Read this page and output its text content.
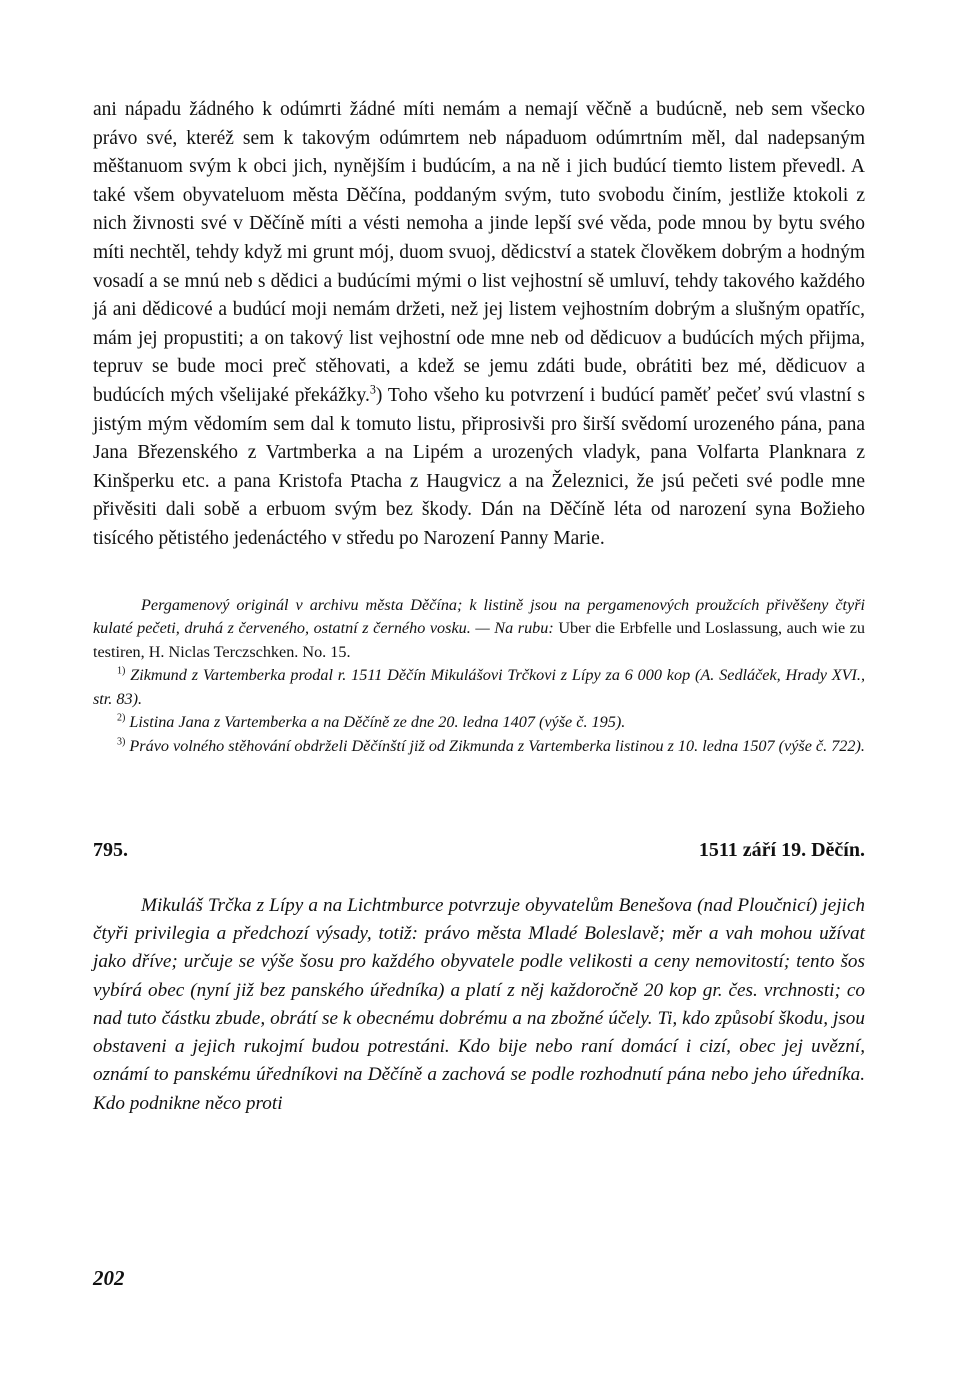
ani nápadu žádného k odúmrti žádné míti nemám a nemají věčně a budúcně, neb sem všecko právo své, kteréž sem k takovým odúmrtem neb nápaduom odúmrtním měl, dal nadepsaným měštanuom svým k obci jich, nynějším i budúcím, a na ně i jich budúcí tiemto listem převedl. A také všem obyvateluom města Děčína, poddaným svým, tuto svobodu činím, jestliže ktokoli z nich živnosti své v Děčíně míti a vésti nemoha a jinde lepší své věda, pode mnou by bytu svého míti nechtěl, tehdy když mi grunt mój, duom svuoj, dědicství a statek člověkem dobrým a hodným vosadí a se mnú neb s dědici a budúcími mými o list vejhostní sě umluví, tehdy takového každého já ani dědicové a budúcí moji nemám držeti, než jej listem vejhostním dobrým a slušným opatříc, mám jej propustiti; a on takový list vejhostní ode mne neb od dědicuov a budúcích mých přijma, tepruv se bude moci preč stěhovati, a kdež se jemu zdáti bude, obrátiti bez mé, dědicuov a budúcích mých všelijaké překážky.$^3$) Toho všeho ku potvrzení i budúcí paměť pečeť svú vlastní s jistým mým vědomím sem dal k tomuto listu, připrosivši pro širší svědomí urozeného pána, pana Jana Březenského z Vartmberka a na Lipém a urozených vladyk, pana Volfarta Planknara z Kinšperku etc. a pana Kristofa Ptacha z Haugvicz a na Železnici, že jsú pečeti své podle mne přivěsiti dali sobě a erbuom svým bez škody. Dán na Děčíně léta od narození syna Božieho tisícého pětistého jedenáctého v středu po Narození Panny Marie.

Pergamenový originál v archivu města Děčína; k listině jsou na pergamenových proužcích přivěšeny čtyři kulaté pečeti, druhá z červeného, ostatní z černého vosku. — Na rubu: Uber die Erbfelle und Loslassung, auch wie zu testiren, H. Niclas Terczschken. No. 15.

$^{1)}$ Zikmund z Vartemberka prodal r. 1511 Děčín Mikulášovi Trčkovi z Lípy za 6 000 kop (A. Sedláček, Hrady XVI., str. 83).

$^{2)}$ Listina Jana z Vartemberka a na Děčíně ze dne 20. ledna 1407 (výše č. 195).

$^{3)}$ Právo volného stěhování obdrželi Děčínští již od Zikmunda z Vartemberka listinou z 10. ledna 1507 (výše č. 722).

795.	1511 září 19. Děčín.

Mikuláš Trčka z Lípy a na Lichtmburce potvrzuje obyvatelům Benešova (nad Ploučnicí) jejich čtyři privilegia a předchozí výsady, totiž: právo města Mladé Boleslavě; měr a vah mohou užívat jako dříve; určuje se výše šosu pro každého obyvatele podle velikosti a ceny nemovitostí; tento šos vybírá obec (nyní již bez panského úředníka) a platí z něj každoročně 20 kop gr. čes. vrchnosti; co nad tuto částku zbude, obrátí se k obecnému dobrému a na zbožné účely. Ti, kdo způsobí škodu, jsou obstaveni a jejich rukojmí budou potrestáni. Kdo bije nebo raní domácí i cizí, obec jej uvězní, oznámí to panskému úředníkovi na Děčíně a zachová se podle rozhodnutí pána nebo jeho úředníka. Kdo podnikne něco proti

202
